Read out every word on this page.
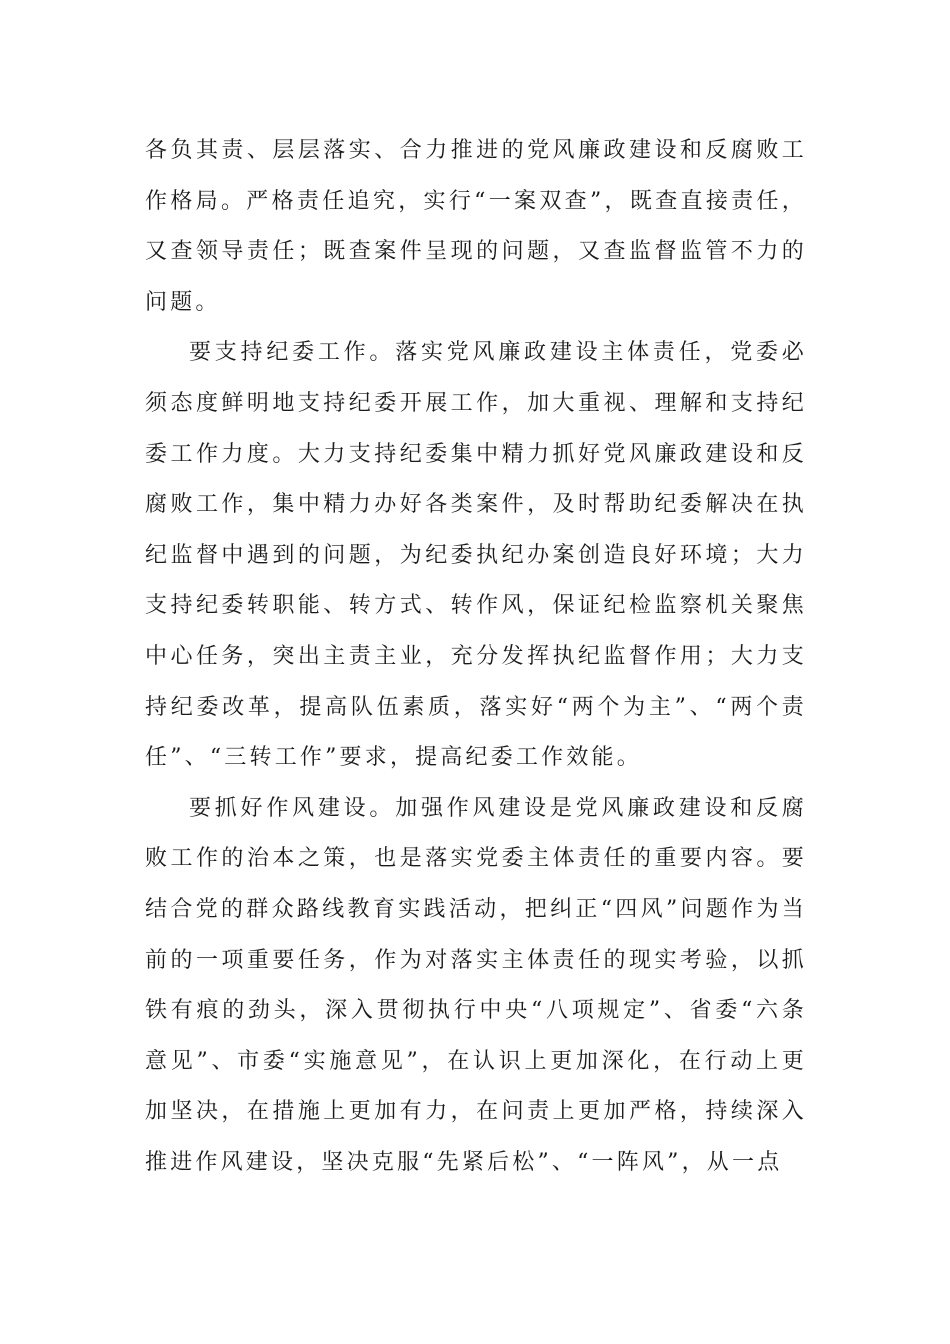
各负其责、层层落实、合力推进的党风廉政建设和反腐败工作格局。严格责任追究，实行“一案双查”，既查直接责任，又查领导责任；既查案件呈现的问题，又查监督监管不力的问题。

要支持纪委工作。落实党风廉政建设主体责任，党委必须态度鲜明地支持纪委开展工作，加大重视、理解和支持纪委工作力度。大力支持纪委集中精力抓好党风廉政建设和反腐败工作，集中精力办好各类案件，及时帮助纪委解决在执纪监督中遇到的问题，为纪委执纪办案创造良好环境；大力支持纪委转职能、转方式、转作风，保证纪检监察机关聚焦中心任务，突出主责主业，充分发挥执纪监督作用；大力支持纪委改革，提高队伍素质，落实好“两个为主”、“两个责任”、“三转工作”要求，提高纪委工作效能。

要抓好作风建设。加强作风建设是党风廉政建设和反腐败工作的治本之策，也是落实党委主体责任的重要内容。要结合党的群众路线教育实践活动，把纠正“四风”问题作为当前的一项重要任务，作为对落实主体责任的现实考验，以抓铁有痕的劲头，深入贯彻执行中央“八项规定”、省委“六条意见”、市委“实施意见”，在认识上更加深化，在行动上更加坚决，在措施上更加有力，在问责上更加严格，持续深入推进作风建设，坚决克服“先紧后松”、“一阵风”，从一点
